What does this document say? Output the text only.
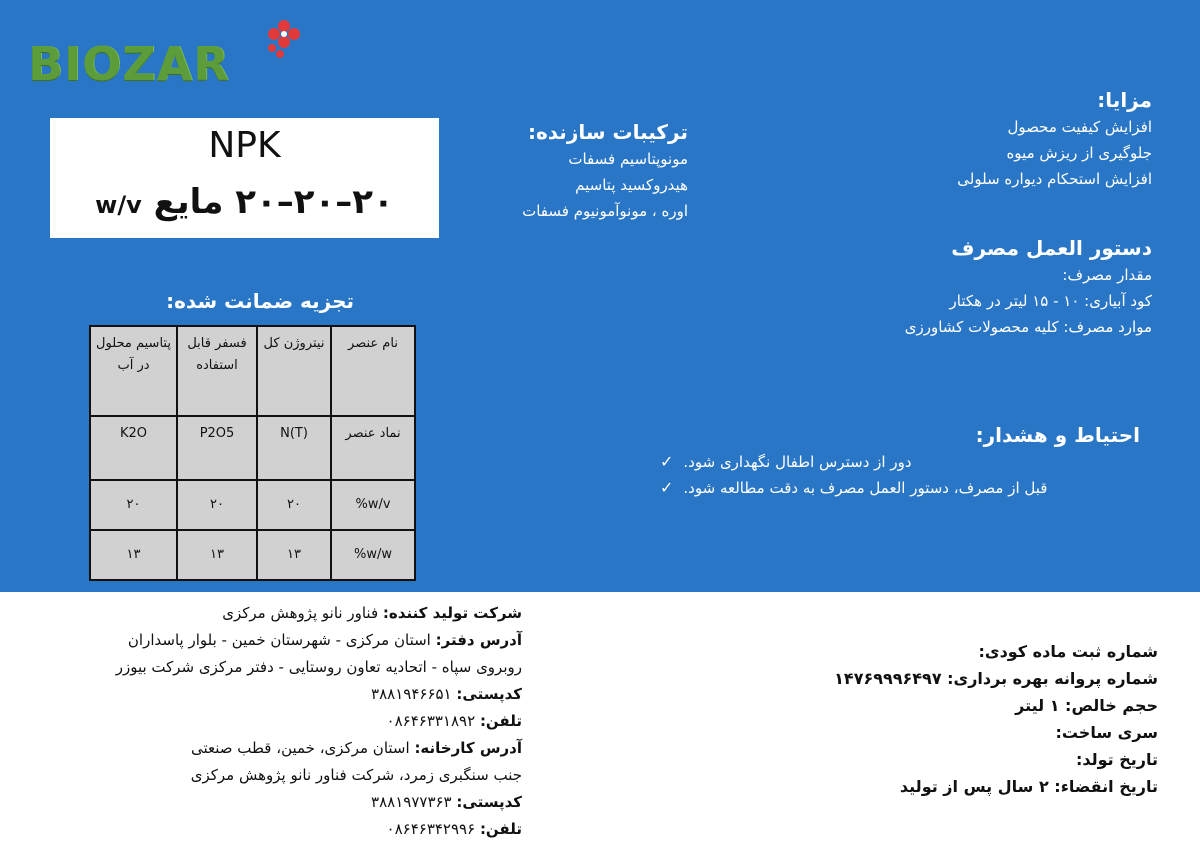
BIOZAR
NPK
w/v ۲۰–۲۰–۲۰ مایع
ترکیبات سازنده:
مونوپتاسیم فسفات
هیدروکسید پتاسیم
اوره ، مونوآمونیوم فسفات
مزایا:
افزایش کیفیت محصول
جلوگیری از ریزش میوه
افزایش استحکام دیواره سلولی
دستور العمل مصرف
مقدار مصرف:
کود آبیاری: ۱۰ - ۱۵ لیتر در هکتار
موارد مصرف: کلیه محصولات کشاورزی
احتیاط و هشدار:
✓ دور از دسترس اطفال نگهداری شود.
✓ قبل از مصرف، دستور العمل مصرف به دقت مطالعه شود.
تجزیه ضمانت شده:
نام عنصر	نیتروژن کل	فسفر قابل استفاده	پتاسیم محلول در آب
نماد عنصر	N(T)	P2O5	K2O
%w/v	۲۰	۲۰	۲۰
%w/w	۱۳	۱۳	۱۳
شرکت تولید کننده: فناور نانو پژوهش مرکزی
آدرس دفتر: استان مرکزی - شهرستان خمین - بلوار پاسداران
روبروی سپاه - اتحادیه تعاون روستایی - دفتر مرکزی شرکت بیوزر
کدپستی: ۳۸۸۱۹۴۶۶۵۱
تلفن: ۰۸۶۴۶۳۳۱۸۹۲
آدرس کارخانه: استان مرکزی، خمین، قطب صنعتی
جنب سنگبری زمرد، شرکت فناور نانو پژوهش مرکزی
کدپستی: ۳۸۸۱۹۷۷۳۶۳
تلفن: ۰۸۶۴۶۳۴۲۹۹۶
شماره ثبت ماده کودی:
شماره پروانه بهره برداری: ۱۴۷۶۹۹۹۶۴۹۷
حجم خالص: ۱ لیتر
سری ساخت:
تاریخ تولد:
تاریخ انقضاء: ۲ سال پس از تولید
